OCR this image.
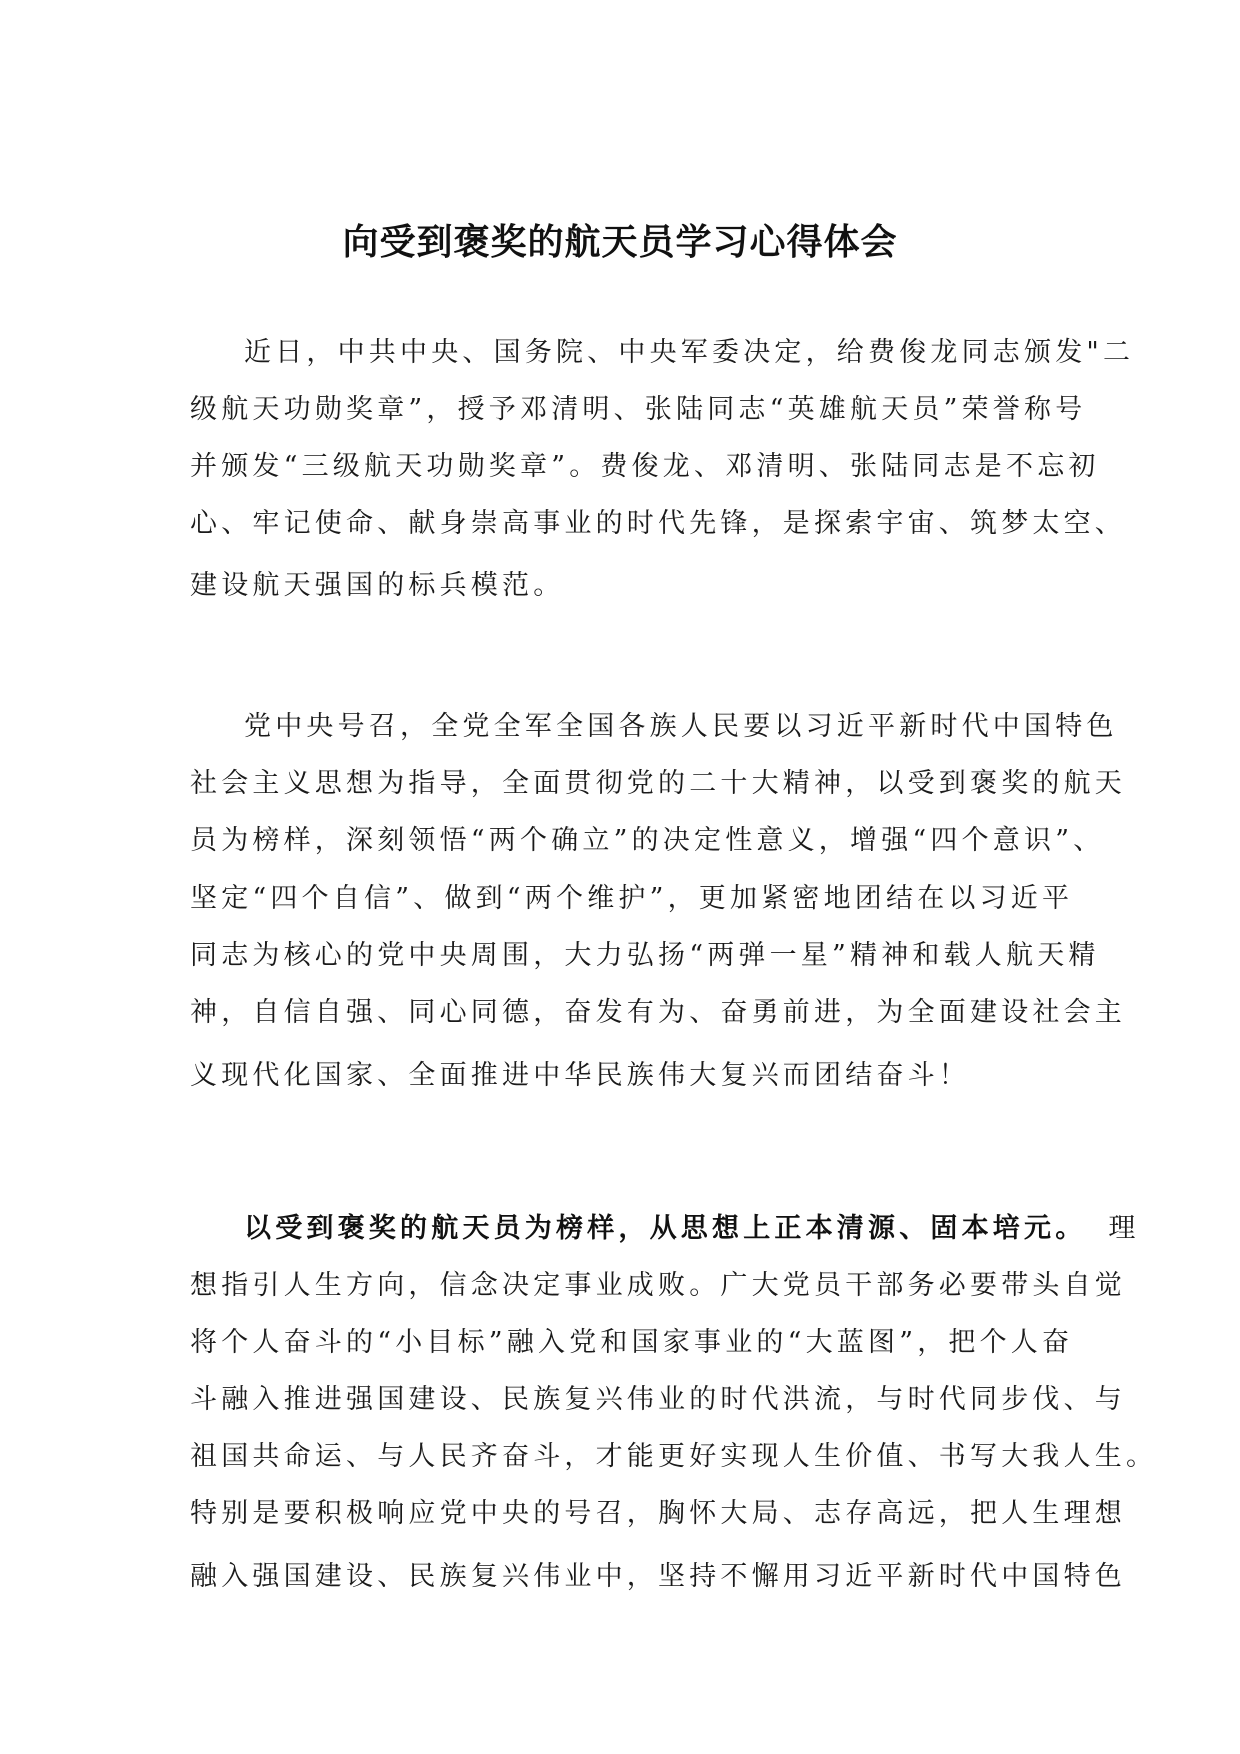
向受到褒奖的航天员学习心得体会
近日，中共中央、国务院、中央军委决定，给费俊龙同志颁发"二
级航天功勋奖章”，授予邓清明、张陆同志“英雄航天员”荣誉称号
并颁发“三级航天功勋奖章”。费俊龙、邓清明、张陆同志是不忘初
心、牢记使命、献身崇高事业的时代先锋，是探索宇宙、筑梦太空、
建设航天强国的标兵模范。
党中央号召，全党全军全国各族人民要以习近平新时代中国特色
社会主义思想为指导，全面贯彻党的二十大精神，以受到褒奖的航天
员为榜样，深刻领悟“两个确立”的决定性意义，增强“四个意识”、
坚定“四个自信”、做到“两个维护”，更加紧密地团结在以习近平
同志为核心的党中央周围，大力弘扬“两弹一星”精神和载人航天精
神，自信自强、同心同德，奋发有为、奋勇前进，为全面建设社会主
义现代化国家、全面推进中华民族伟大复兴而团结奋斗！
以受到褒奖的航天员为榜样，从思想上正本清源、固本培元。 理
想指引人生方向，信念决定事业成败。广大党员干部务必要带头自觉
将个人奋斗的“小目标”融入党和国家事业的“大蓝图”，把个人奋
斗融入推进强国建设、民族复兴伟业的时代洪流，与时代同步伐、与
祖国共命运、与人民齐奋斗，才能更好实现人生价值、书写大我人生。
特别是要积极响应党中央的号召，胸怀大局、志存高远，把人生理想
融入强国建设、民族复兴伟业中，坚持不懈用习近平新时代中国特色
